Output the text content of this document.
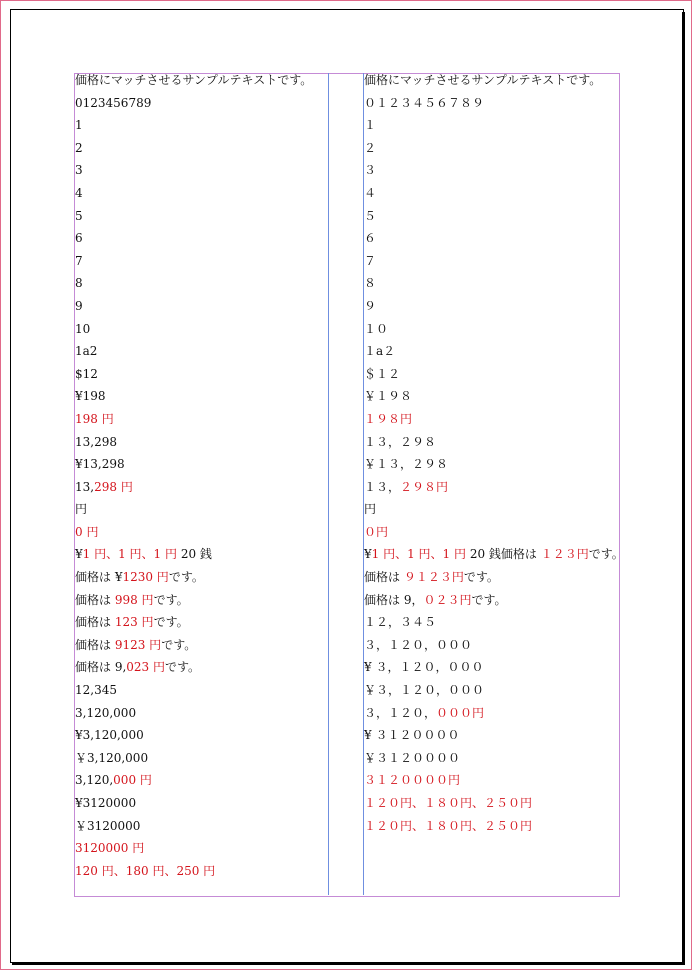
価格にマッチさせるサンプルテキストです。
0123456789
1
2
3
4
5
6
7
8
9
10
1a2
$12
¥198
198 円
13,298
¥13,298
13,298 円
円
0 円
¥1 円、1 円、1 円 20 銭
価格は ¥1230 円です。
価格は 998 円です。
価格は 123 円です。
価格は 9123 円です。
価格は 9,023 円です。
12,345
3,120,000
¥3,120,000
￥3,120,000
3,120,000 円
¥3120000
￥3120000
3120000 円
120 円、180 円、250 円
価格にマッチさせるサンプルテキストです。
０１２３４５６７８９
１
２
３
４
５
６
７
８
９
１０
１a２
＄１２
￥１９８
１９８円
１３，２９８
￥１３，２９８
１３，２９８円
円
０円
¥1 円、1 円、1 円 20 銭価格は １２３円です。
価格は ９１２３円です。
価格は 9，０２３円です。
１２，３４５
３，１２０，０００
¥ ３，１２０，０００
￥３，１２０，０００
３，１２０，０００円
¥ ３１２００００
￥３１２００００
３１２００００円
１２０円、１８０円、２５０円
１２０円、１８０円、２５０円
